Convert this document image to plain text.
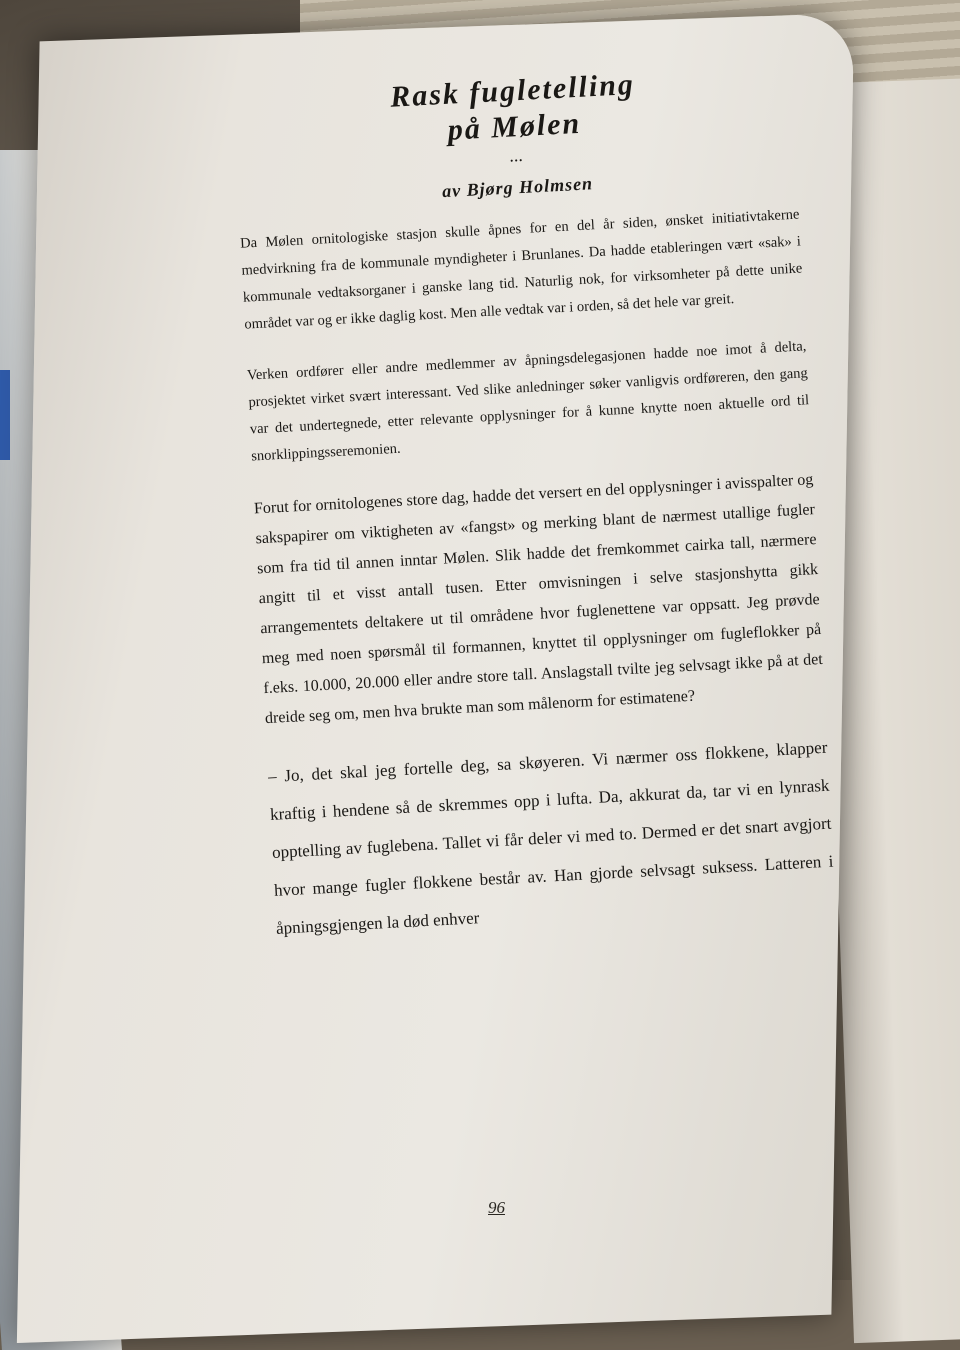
Rask fugletelling
på Mølen
...
av Bjørg Holmsen

Da Mølen ornitologiske stasjon skulle åpnes for en del år siden, ønsket initiativtakerne medvirkning fra de kommunale myndigheter i Brunlanes. Da hadde etableringen vært «sak» i kommunale vedtaksorganer i ganske lang tid. Naturlig nok, for virksomheter på dette unike området var og er ikke daglig kost. Men alle vedtak var i orden, så det hele var greit.

Verken ordfører eller andre medlemmer av åpningsdelegasjonen hadde noe imot å delta, prosjektet virket svært interessant. Ved slike anledninger søker vanligvis ordføreren, den gang var det undertegnede, etter relevante opplysninger for å kunne knytte noen aktuelle ord til snorklippingsseremonien.

Forut for ornitologenes store dag, hadde det versert en del opplysninger i avisspalter og sakspapirer om viktigheten av «fangst» og merking blant de nærmest utallige fugler som fra tid til annen inntar Mølen. Slik hadde det fremkommet cairka tall, nærmere angitt til et visst antall tusen. Etter omvisningen i selve stasjonshytta gikk arrangementets deltakere ut til områdene hvor fuglenettene var oppsatt. Jeg prøvde meg med noen spørsmål til formannen, knyttet til opplysninger om fugleflokker på f.eks. 10.000, 20.000 eller andre store tall. Anslagstall tvilte jeg selvsagt ikke på at det dreide seg om, men hva brukte man som målenorm for estimatene?

– Jo, det skal jeg fortelle deg, sa skøyeren. Vi nærmer oss flokkene, klapper kraftig i hendene så de skremmes opp i lufta. Da, akkurat da, tar vi en lynrask opptelling av fuglebena. Tallet vi får deler vi med to. Dermed er det snart avgjort hvor mange fugler flokkene består av. Han gjorde selvsagt suksess. Latteren i åpningsgjengen la død enhver

96
